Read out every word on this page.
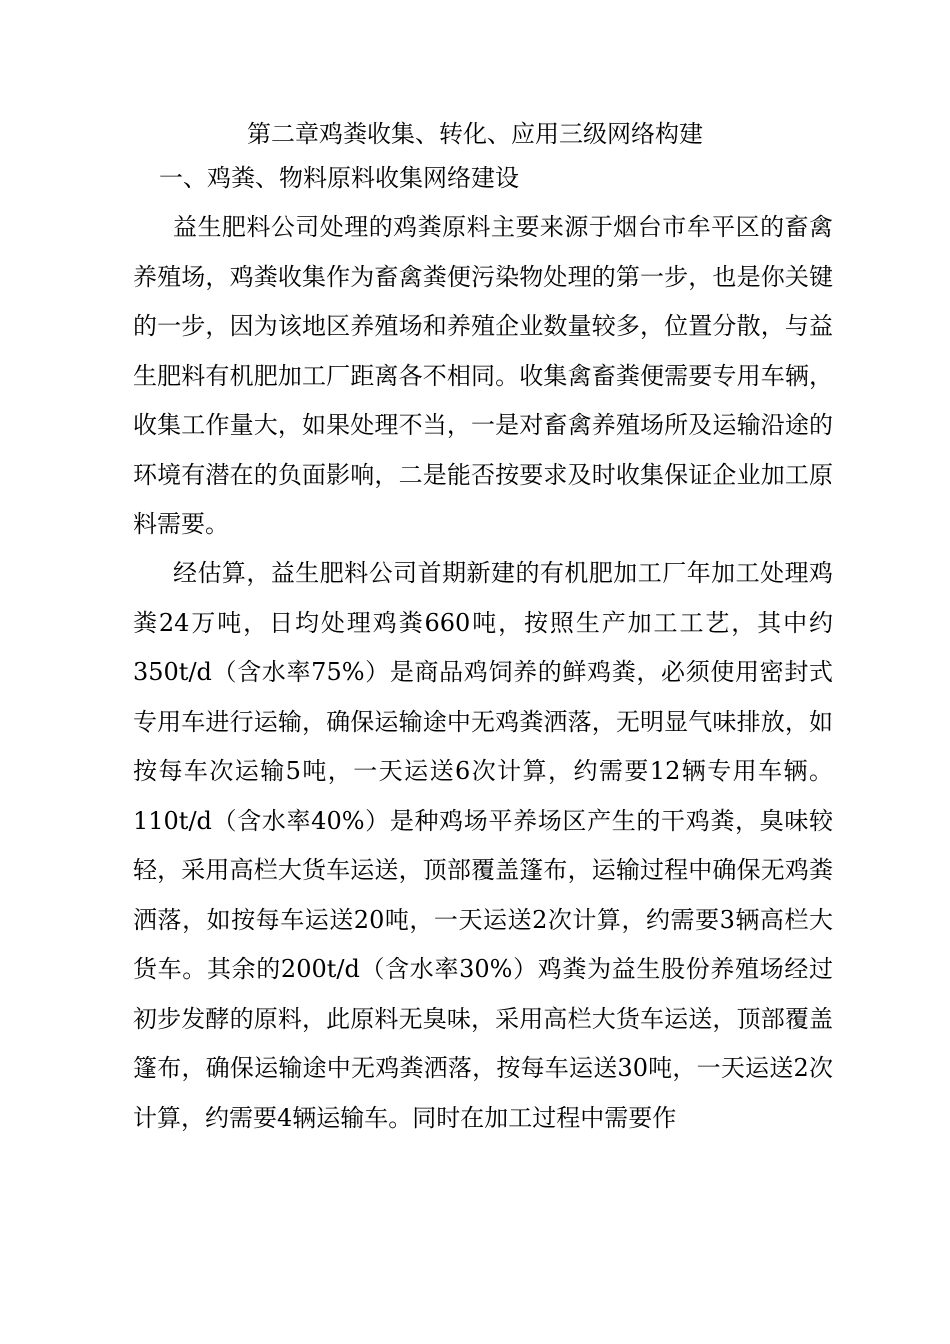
第二章鸡粪收集、转化、应用三级网络构建
一、鸡粪、物料原料收集网络建设

益生肥料公司处理的鸡粪原料主要来源于烟台市牟平区的畜禽养殖场，鸡粪收集作为畜禽粪便污染物处理的第一步，也是你关键的一步，因为该地区养殖场和养殖企业数量较多，位置分散，与益生肥料有机肥加工厂距离各不相同。收集禽畜粪便需要专用车辆，收集工作量大，如果处理不当，一是对畜禽养殖场所及运输沿途的环境有潜在的负面影响，二是能否按要求及时收集保证企业加工原料需要。

经估算，益生肥料公司首期新建的有机肥加工厂年加工处理鸡粪24万吨，日均处理鸡粪660吨，按照生产加工工艺，其中约350t/d（含水率75%）是商品鸡饲养的鲜鸡粪，必须使用密封式专用车进行运输，确保运输途中无鸡粪洒落，无明显气味排放，如按每车次运输5吨，一天运送6次计算，约需要12辆专用车辆。110t/d（含水率40%）是种鸡场平养场区产生的干鸡粪，臭味较轻，采用高栏大货车运送，顶部覆盖篷布，运输过程中确保无鸡粪洒落，如按每车运送20吨，一天运送2次计算，约需要3辆高栏大货车。其余的200t/d（含水率30%）鸡粪为益生股份养殖场经过初步发酵的原料，此原料无臭味，采用高栏大货车运送，顶部覆盖篷布，确保运输途中无鸡粪洒落，按每车运送30吨，一天运送2次计算，约需要4辆运输车。同时在加工过程中需要作
